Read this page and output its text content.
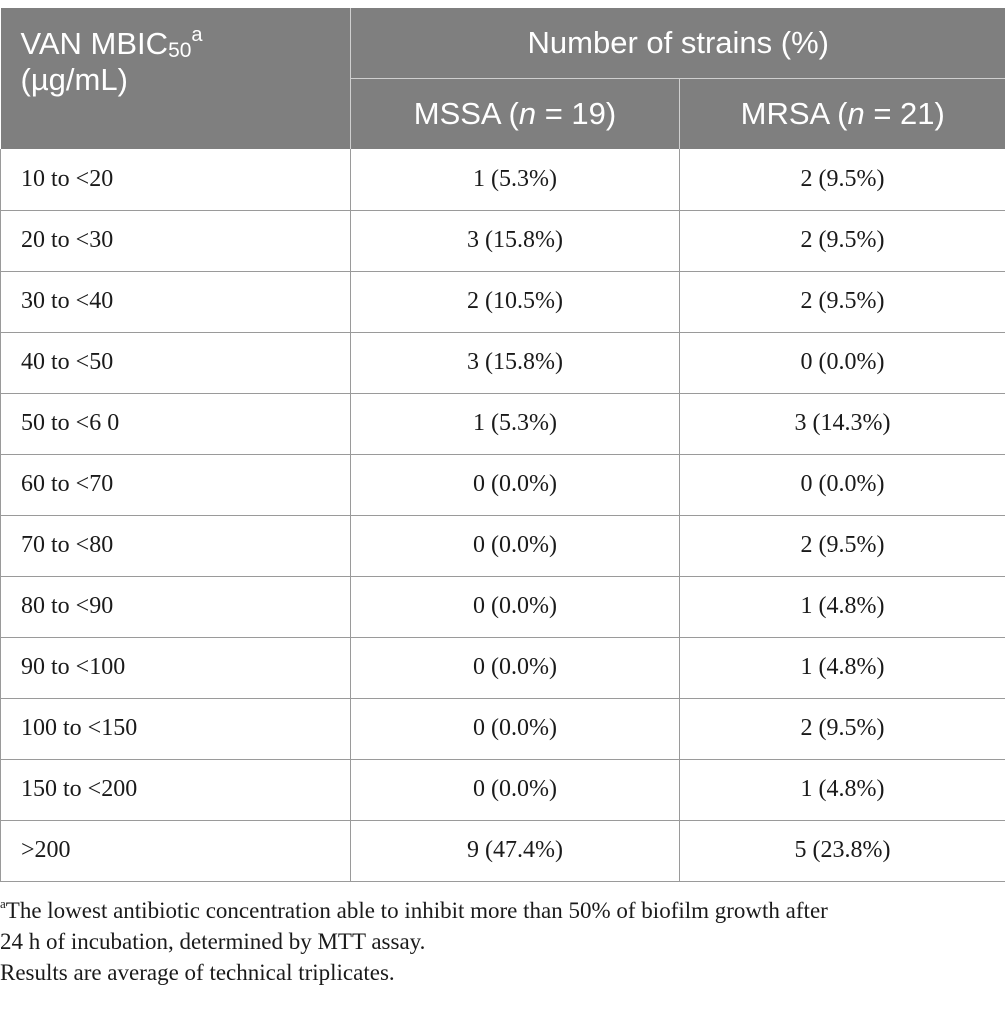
VAN $MBIC_{50}^a$
(µg/mL)	Number of strains (%)	
	MSSA (n = 19)	MRSA (n = 21)
10 to <20	1 (5.3%)	2 (9.5%)
20 to <30	3 (15.8%)	2 (9.5%)
30 to <40	2 (10.5%)	2 (9.5%)
40 to <50	3 (15.8%)	0 (0.0%)
50 to <6 0	1 (5.3%)	3 (14.3%)
60 to <70	0 (0.0%)	0 (0.0%)
70 to <80	0 (0.0%)	2 (9.5%)
80 to <90	0 (0.0%)	1 (4.8%)
90 to <100	0 (0.0%)	1 (4.8%)
100 to <150	0 (0.0%)	2 (9.5%)
150 to <200	0 (0.0%)	1 (4.8%)
>200	9 (47.4%)	5 (23.8%)

$^a$The lowest antibiotic concentration able to inhibit more than 50% of biofilm growth after
24 h of incubation, determined by MTT assay.

Results are average of technical triplicates.
